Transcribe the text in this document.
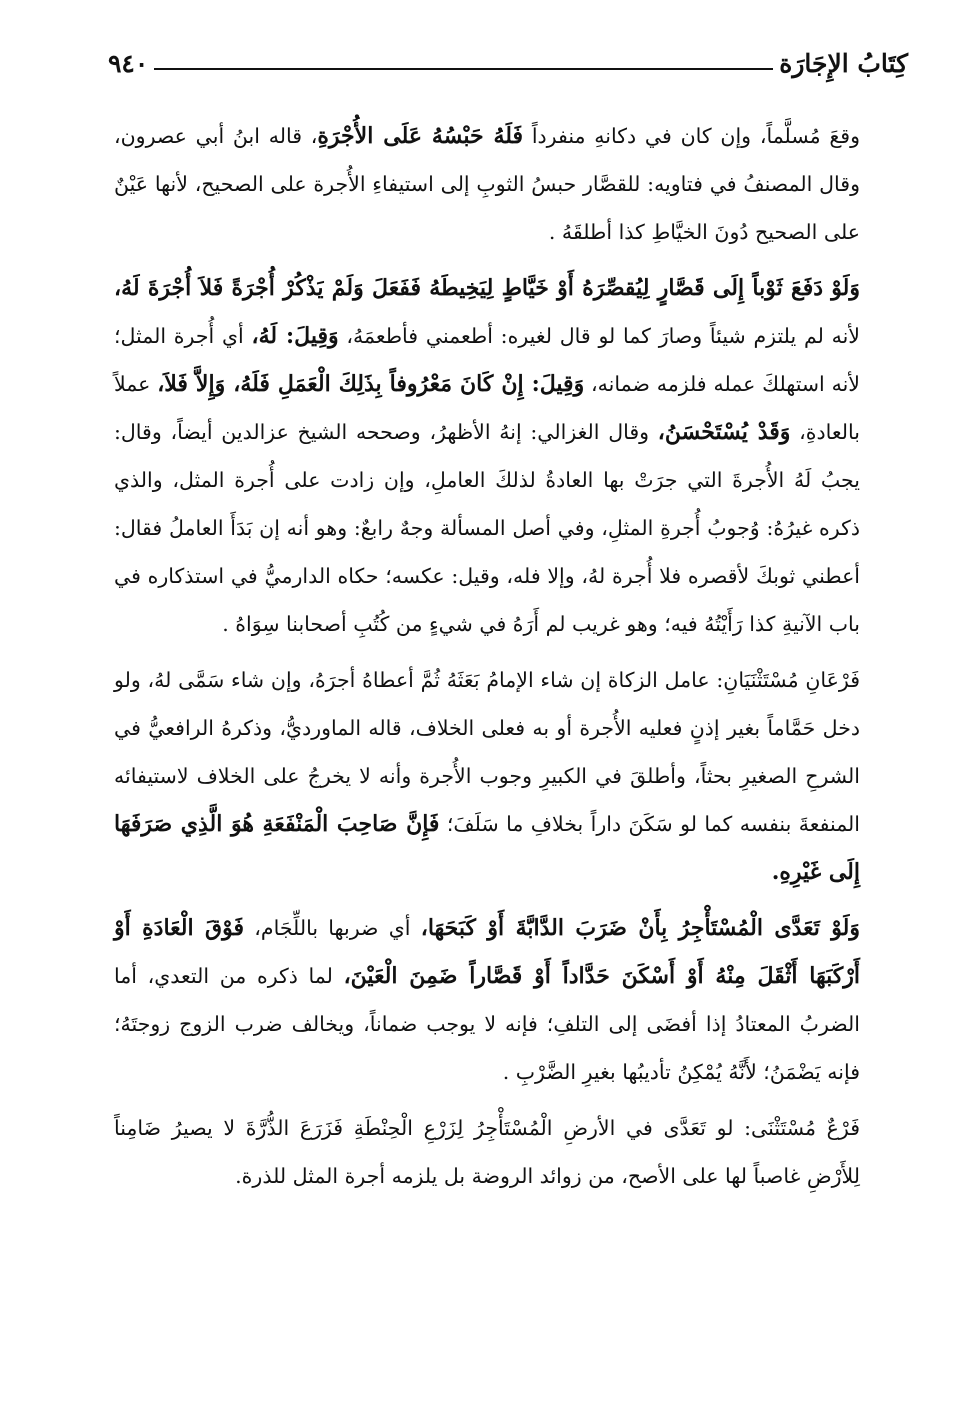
كِتَابُ الإِجَارَة
٩٤٠

وقعَ مُسلَّماً، وإن كان في دكانهِ منفرداً فَلَهُ حَبْسُهُ عَلَى الأُجْرَةِ، قاله ابنُ أبي عصرون، وقال المصنفُ في فتاويه: للقصَّار حبسُ الثوبِ إلى استيفاءِ الأُجرة على الصحيح، لأنها عَيْنٌ على الصحيح دُونَ الخيَّاطِ كذا أطلقَهُ .

وَلَوْ دَفَعَ ثَوْباً إِلَى قَصَّارٍ لِيُقصِّرَهُ أَوْ خَيَّاطٍ لِيَخِيطَهُ فَفَعَلَ وَلَمْ يَذْكُرْ أُجْرَةً فَلاَ أُجْرَةَ لَهُ، لأنه لم يلتزم شيئاً وصارَ كما لو قال لغيره: أطعمني فأطعمَهُ، وَقِيلَ: لَهُ، أي أُجرة المثل؛ لأنه استهلكَ عمله فلزمه ضمانه، وَقِيلَ: إِنْ كَانَ مَعْرُوفاً بِذَلِكَ الْعَمَلِ فَلَهُ، وَإِلاَّ فَلاَ، عملاً بالعادةِ، وَقَدْ يُسْتَحْسَنُ، وقال الغزالي: إنهُ الأظهرُ، وصححه الشيخ عزالدين أيضاً، وقال: يجبُ لَهُ الأُجرةَ التي جرَتْ بها العادةُ لذلكَ العاملِ، وإن زادت على أُجرة المثل، والذي ذكره غيرُهُ: وُجوبُ أُجرةِ المثلِ، وفي أصل المسألة وجهٌ رابعٌ: وهو أنه إن بَدَأَ العاملُ فقال: أعطني ثوبكَ لأقصره فلا أُجرة لهُ، وإلا فله، وقيل: عكسه؛ حكاه الدارميُّ في استذكاره في باب الآنيةِ كذا رَأَيْتُهُ فيه؛ وهو غريب لم أَرَهُ في شيءٍ من كُتُبِ أصحابنا سِوَاهُ .

فَرْعَانِ مُسْتَثْنَيَانِ: عامل الزكاة إن شاء الإمامُ بَعَثَهُ ثُمَّ أعطاهُ أجرَهُ، وإن شاء سَمَّى لهُ، ولو دخل حَمَّاماً بغير إذنٍ فعليه الأُجرة أو به فعلى الخلاف، قاله الماورديُّ، وذكرهُ الرافعيُّ في الشرحِ الصغيرِ بحثاً، وأطلقَ في الكبيرِ وجوب الأُجرة وأنه لا يخرجُ على الخلاف لاستيفائه المنفعةَ بنفسه كما لو سَكَنَ داراً بخلافِ ما سَلَفَ؛ فَإِنَّ صَاحِبَ الْمَنْفَعَةِ هُوَ الَّذِي صَرَفَهَا إِلَى غَيْرِهِ.

وَلَوْ تَعَدَّى الْمُسْتَأْجِرُ بِأَنْ ضَرَبَ الدَّابَّةَ أَوْ كَبَحَهَا، أي ضربها باللِّجَام، فَوْقَ الْعَادَةِ أَوْ أَرْكَبَهَا أَثْقَلَ مِنْهُ أَوْ أَسْكَنَ حَدَّاداً أَوْ قَصَّاراً ضَمِنَ الْعَيْنَ، لما ذكره من التعدي، أما الضربُ المعتادُ إذا أفضَى إلى التلفِ؛ فإنه لا يوجب ضماناً، ويخالف ضرب الزوج زوجتَهُ؛ فإنه يَضْمَنُ؛ لأَنَّهُ يُمْكِنُ تأديبُها بغيرِ الضَّرْبِ .

فَرْعٌ مُسْتَثْنَى: لو تَعَدَّى في الأرضِ الْمُسْتَأْجِرُ لِزَرْعِ الْحِنْطَةِ فَزَرَعَ الذُّرَّةَ لا يصيرُ ضَامِناً لِلأَرْضِ غاصباً لها على الأصح، من زوائد الروضة بل يلزمه أجرة المثل للذرة.
